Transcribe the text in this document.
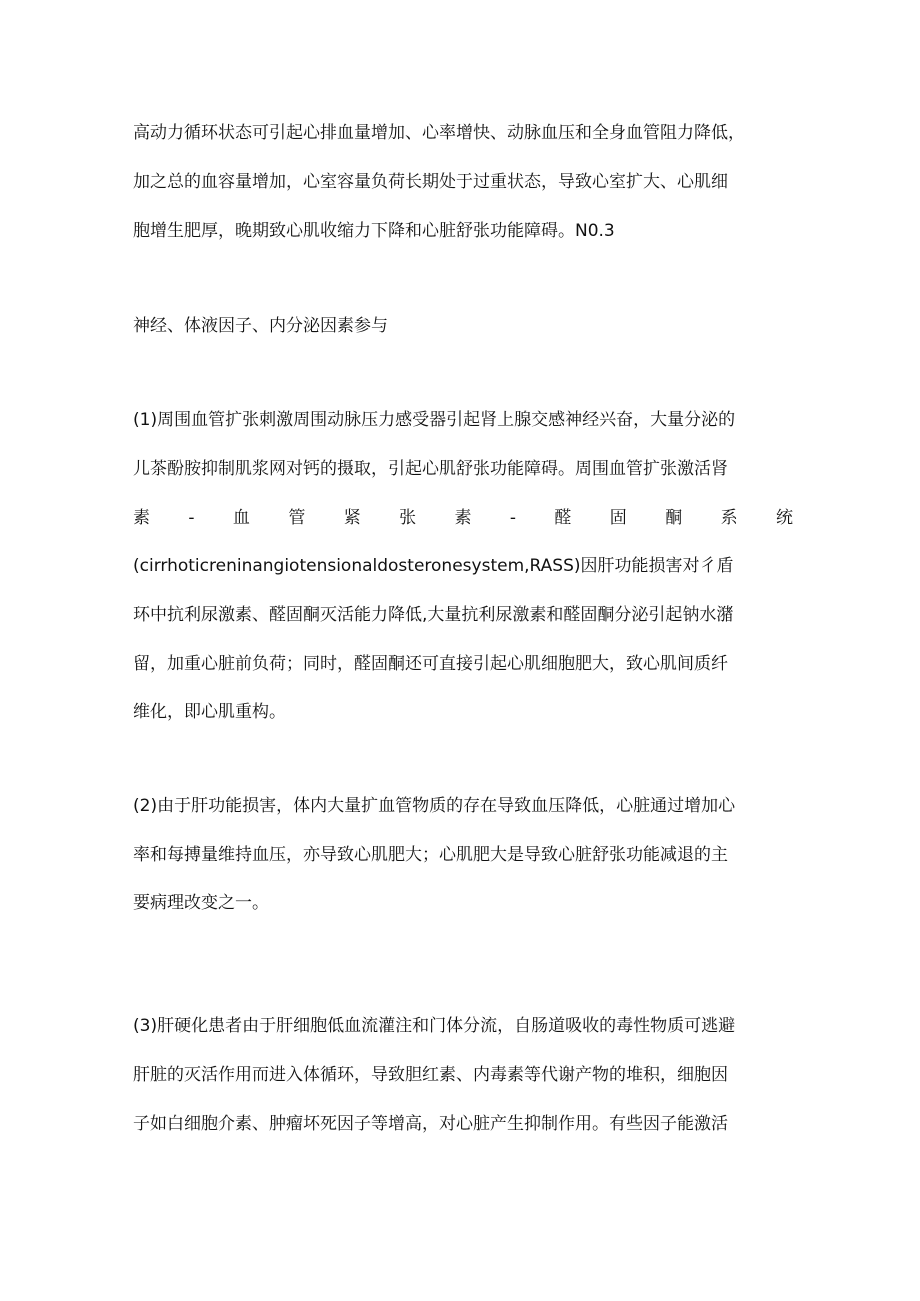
高动力循环状态可引起心排血量增加、心率增快、动脉血压和全身血管阻力降低，
加之总的血容量增加，心室容量负荷长期处于过重状态，导致心室扩大、心肌细
胞增生肥厚，晚期致心肌收缩力下降和心脏舒张功能障碍。N0.3
神经、体液因子、内分泌因素参与
(1)周围血管扩张刺激周围动脉压力感受器引起肾上腺交感神经兴奋，大量分泌的
儿茶酚胺抑制肌浆网对钙的摄取，引起心肌舒张功能障碍。周围血管扩张激活肾
素 - 血 管 紧 张 素 - 醛 固 酮 系 统
(cirrhoticreninangiotensionaldosteronesystem,RASS)因肝功能损害对彳盾
环中抗利尿激素、醛固酮灭活能力降低,大量抗利尿激素和醛固酮分泌引起钠水潴
留，加重心脏前负荷；同时，醛固酮还可直接引起心肌细胞肥大，致心肌间质纤
维化，即心肌重构。
(2)由于肝功能损害，体内大量扩血管物质的存在导致血压降低，心脏通过增加心
率和每搏量维持血压，亦导致心肌肥大；心肌肥大是导致心脏舒张功能减退的主
要病理改变之一。
(3)肝硬化患者由于肝细胞低血流灌注和门体分流，自肠道吸收的毒性物质可逃避
肝脏的灭活作用而进入体循环，导致胆红素、内毒素等代谢产物的堆积，细胞因
子如白细胞介素、肿瘤坏死因子等增高，对心脏产生抑制作用。有些因子能激活
